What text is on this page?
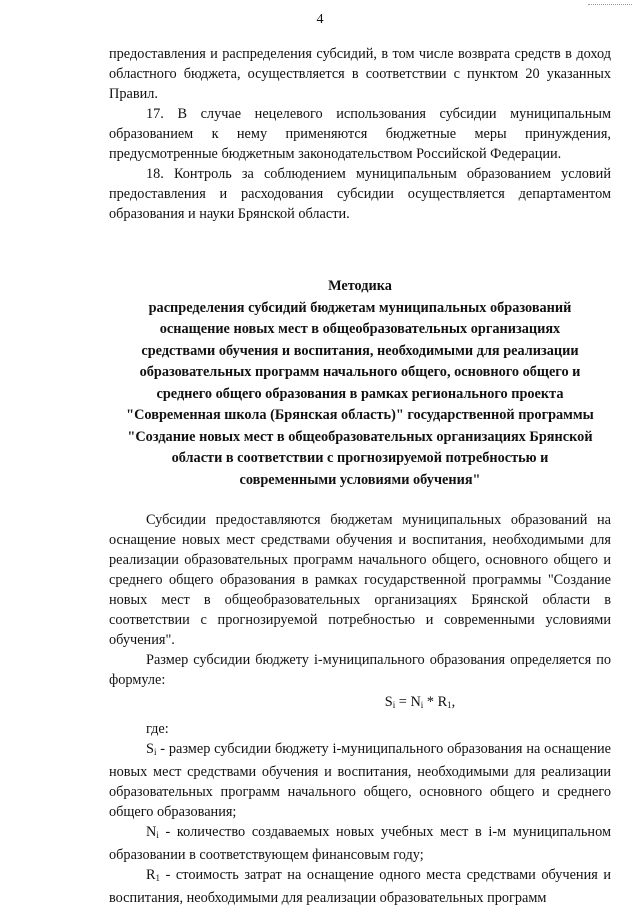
4

предоставления и распределения субсидий, в том числе возврата средств в доход областного бюджета, осуществляется в соответствии с пунктом 20 указанных Правил.

17. В случае нецелевого использования субсидии муниципальным образованием к нему применяются бюджетные меры принуждения, предусмотренные бюджетным законодательством Российской Федерации.

18. Контроль за соблюдением муниципальным образованием условий предоставления и расходования субсидии осуществляется департаментом образования и науки Брянской области.

Методика

распределения субсидий бюджетам муниципальных образований

оснащение новых мест в общеобразовательных организациях

средствами обучения и воспитания, необходимыми для реализации

образовательных программ начального общего, основного общего и

среднего общего образования в рамках регионального проекта

"Современная школа (Брянская область)" государственной программы

"Создание новых мест в общеобразовательных организациях Брянской

области в соответствии с прогнозируемой потребностью и

современными условиями обучения"

Субсидии предоставляются бюджетам муниципальных образований на оснащение новых мест средствами обучения и воспитания, необходимыми для реализации образовательных программ начального общего, основного общего и среднего общего образования в рамках государственной программы "Создание новых мест в общеобразовательных организациях Брянской области в соответствии с прогнозируемой потребностью и современными условиями обучения".

Размер субсидии бюджету i-муниципального образования определяется по формуле:

$S_i = N_i * R_1$,

где:

$S_i$ - размер субсидии бюджету i-муниципального образования на оснащение новых мест средствами обучения и воспитания, необходимыми для реализации образовательных программ начального общего, основного общего и среднего общего образования;

$N_i$ - количество создаваемых новых учебных мест в i-м муниципальном образовании в соответствующем финансовым году;

$R_1$ - стоимость затрат на оснащение одного места средствами обучения и воспитания, необходимыми для реализации образовательных программ
